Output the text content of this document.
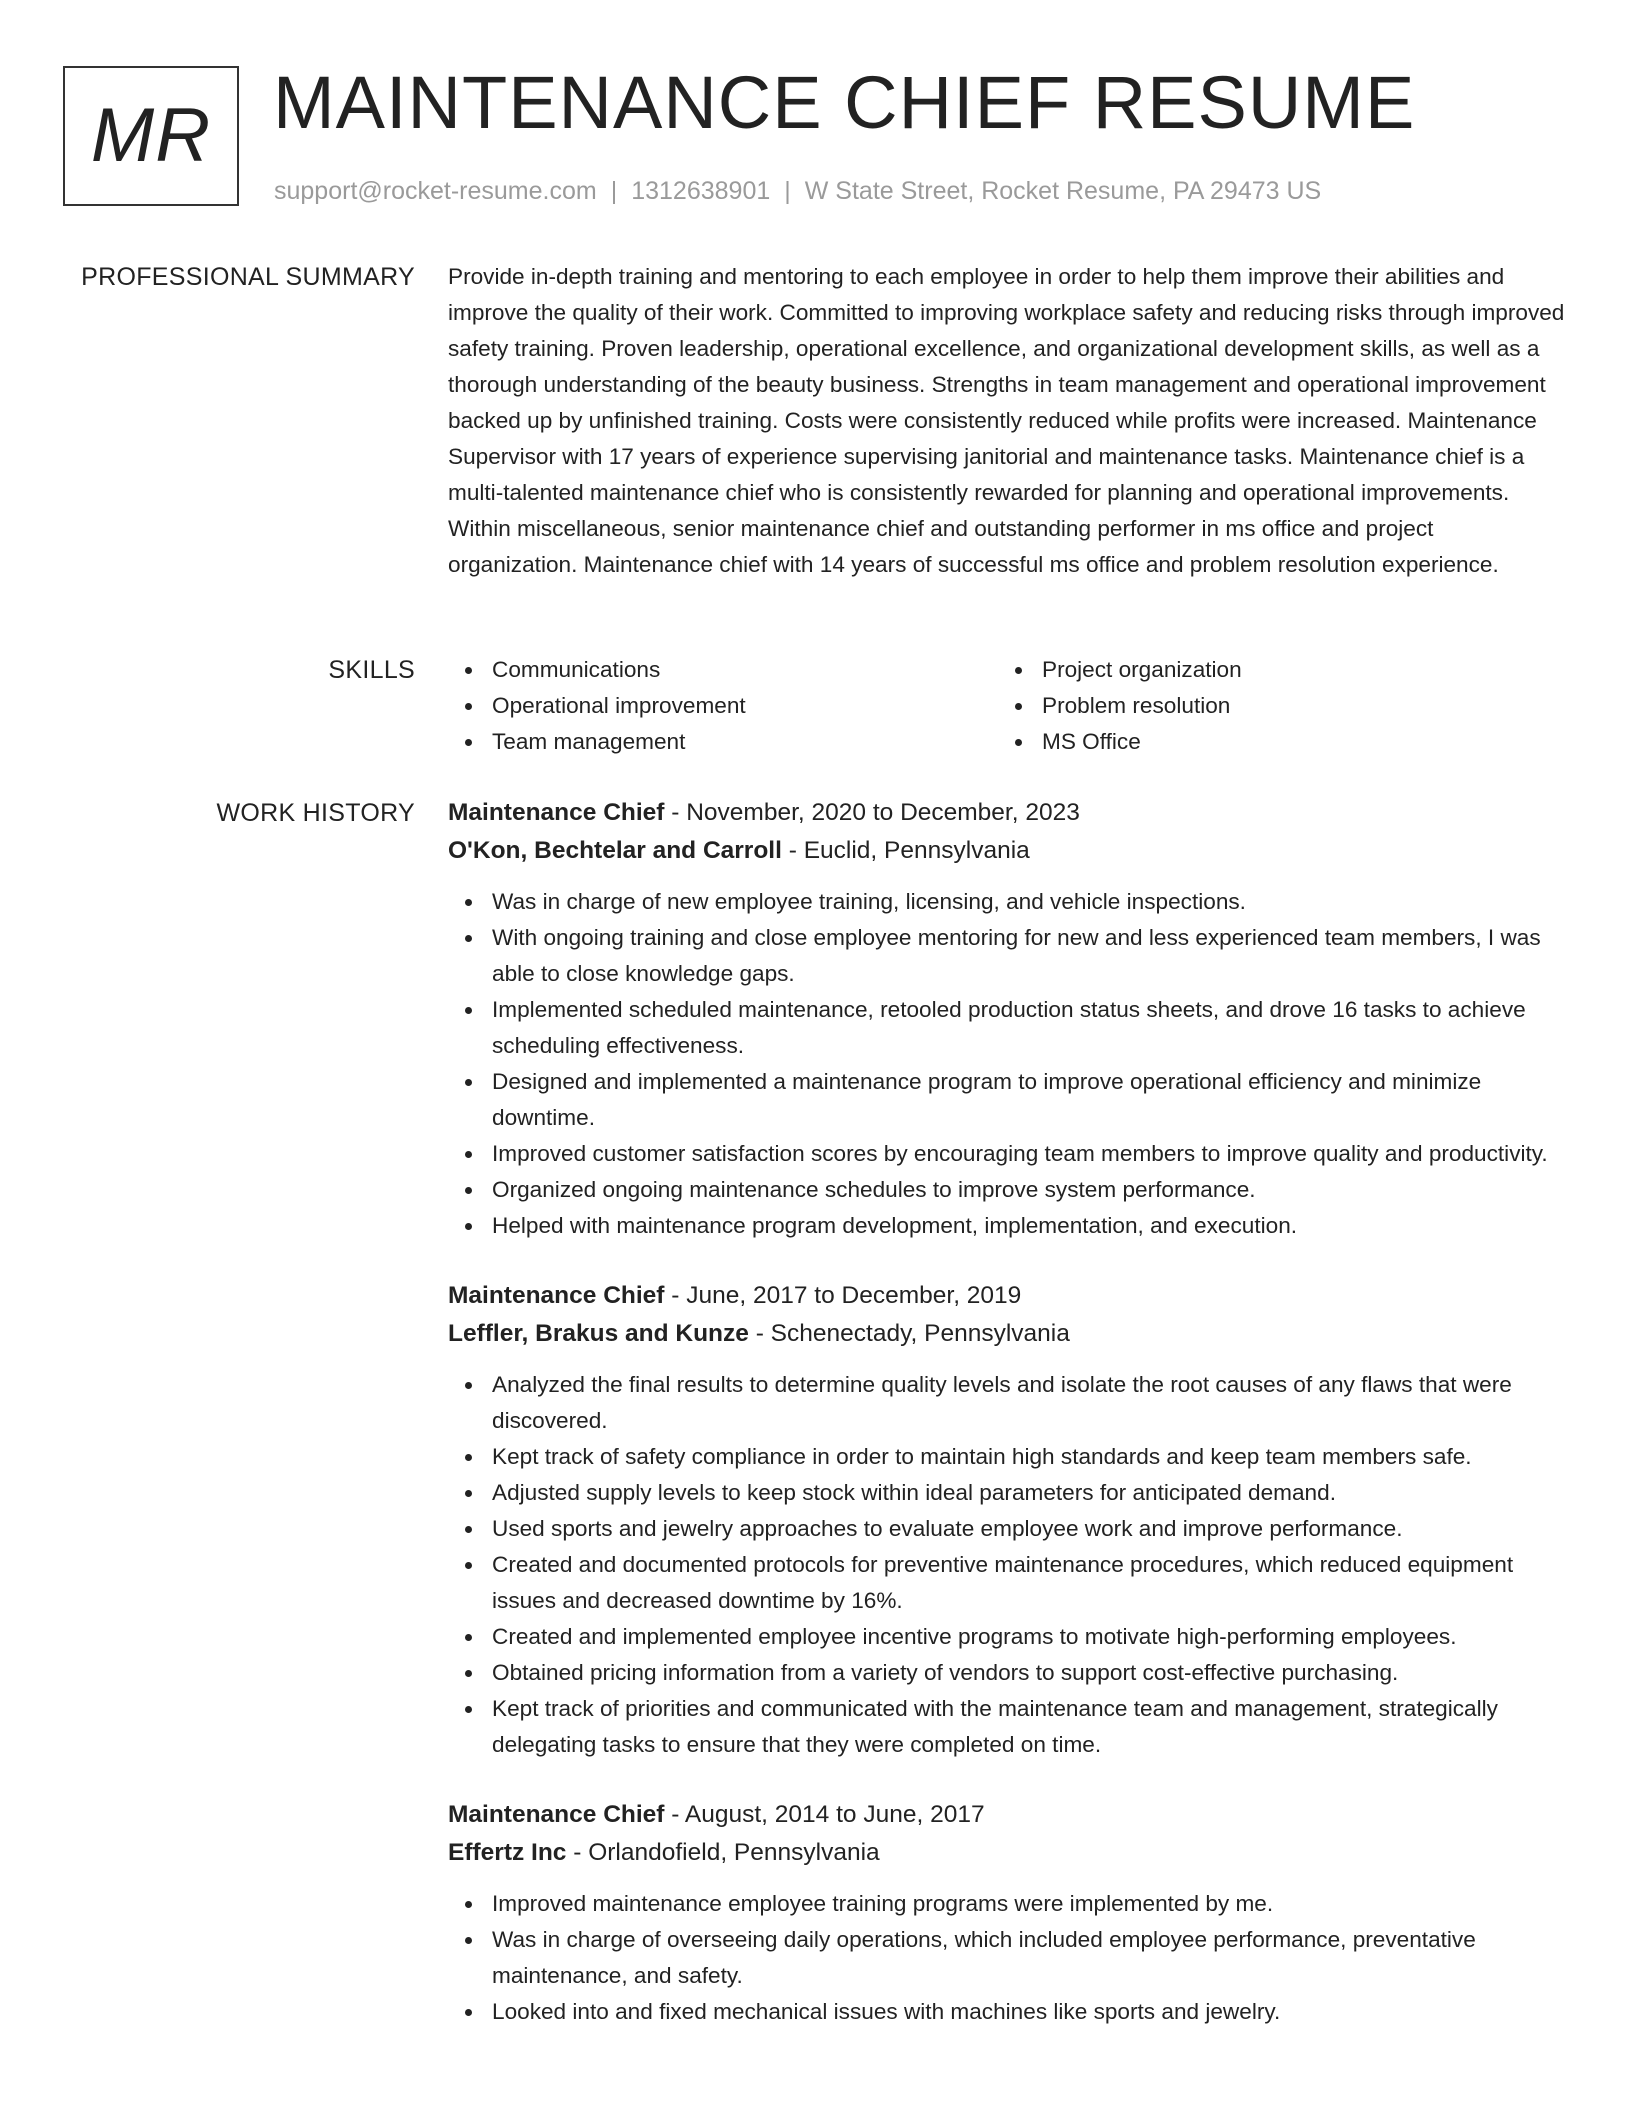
MR MAINTENANCE CHIEF RESUME
support@rocket-resume.com | 1312638901 | W State Street, Rocket Resume, PA 29473 US
PROFESSIONAL SUMMARY Provide in-depth training and mentoring to each employee in order to help them improve their abilities and improve the quality of their work. Committed to improving workplace safety and reducing risks through improved safety training. Proven leadership, operational excellence, and organizational development skills, as well as a thorough understanding of the beauty business. Strengths in team management and operational improvement backed up by unfinished training. Costs were consistently reduced while profits were increased. Maintenance Supervisor with 17 years of experience supervising janitorial and maintenance tasks. Maintenance chief is a multi-talented maintenance chief who is consistently rewarded for planning and operational improvements. Within miscellaneous, senior maintenance chief and outstanding performer in ms office and project organization. Maintenance chief with 14 years of successful ms office and problem resolution experience.

SKILLS	Communications
Operational improvement
Team management
Project organization
Problem resolution
MS Office
WORK HISTORY Maintenance Chief - November, 2020 to December, 2023
O'Kon, Bechtelar and Carroll - Euclid, Pennsylvania
Was in charge of new employee training, licensing, and vehicle inspections.
With ongoing training and close employee mentoring for new and less experienced team members, I was able to close knowledge gaps.
Implemented scheduled maintenance, retooled production status sheets, and drove 16 tasks to achieve scheduling effectiveness.
Designed and implemented a maintenance program to improve operational efficiency and minimize downtime.
Improved customer satisfaction scores by encouraging team members to improve quality and productivity.
Organized ongoing maintenance schedules to improve system performance.
Helped with maintenance program development, implementation, and execution.
Maintenance Chief - June, 2017 to December, 2019
Leffler, Brakus and Kunze - Schenectady, Pennsylvania
Analyzed the final results to determine quality levels and isolate the root causes of any flaws that were discovered.
Kept track of safety compliance in order to maintain high standards and keep team members safe.
Adjusted supply levels to keep stock within ideal parameters for anticipated demand.
Used sports and jewelry approaches to evaluate employee work and improve performance.
Created and documented protocols for preventive maintenance procedures, which reduced equipment issues and decreased downtime by 16%.
Created and implemented employee incentive programs to motivate high-performing employees.
Obtained pricing information from a variety of vendors to support cost-effective purchasing.
Kept track of priorities and communicated with the maintenance team and management, strategically delegating tasks to ensure that they were completed on time.
Maintenance Chief - August, 2014 to June, 2017
Effertz Inc - Orlandofield, Pennsylvania
Improved maintenance employee training programs were implemented by me.
Was in charge of overseeing daily operations, which included employee performance, preventative maintenance, and safety.
Looked into and fixed mechanical issues with machines like sports and jewelry.
